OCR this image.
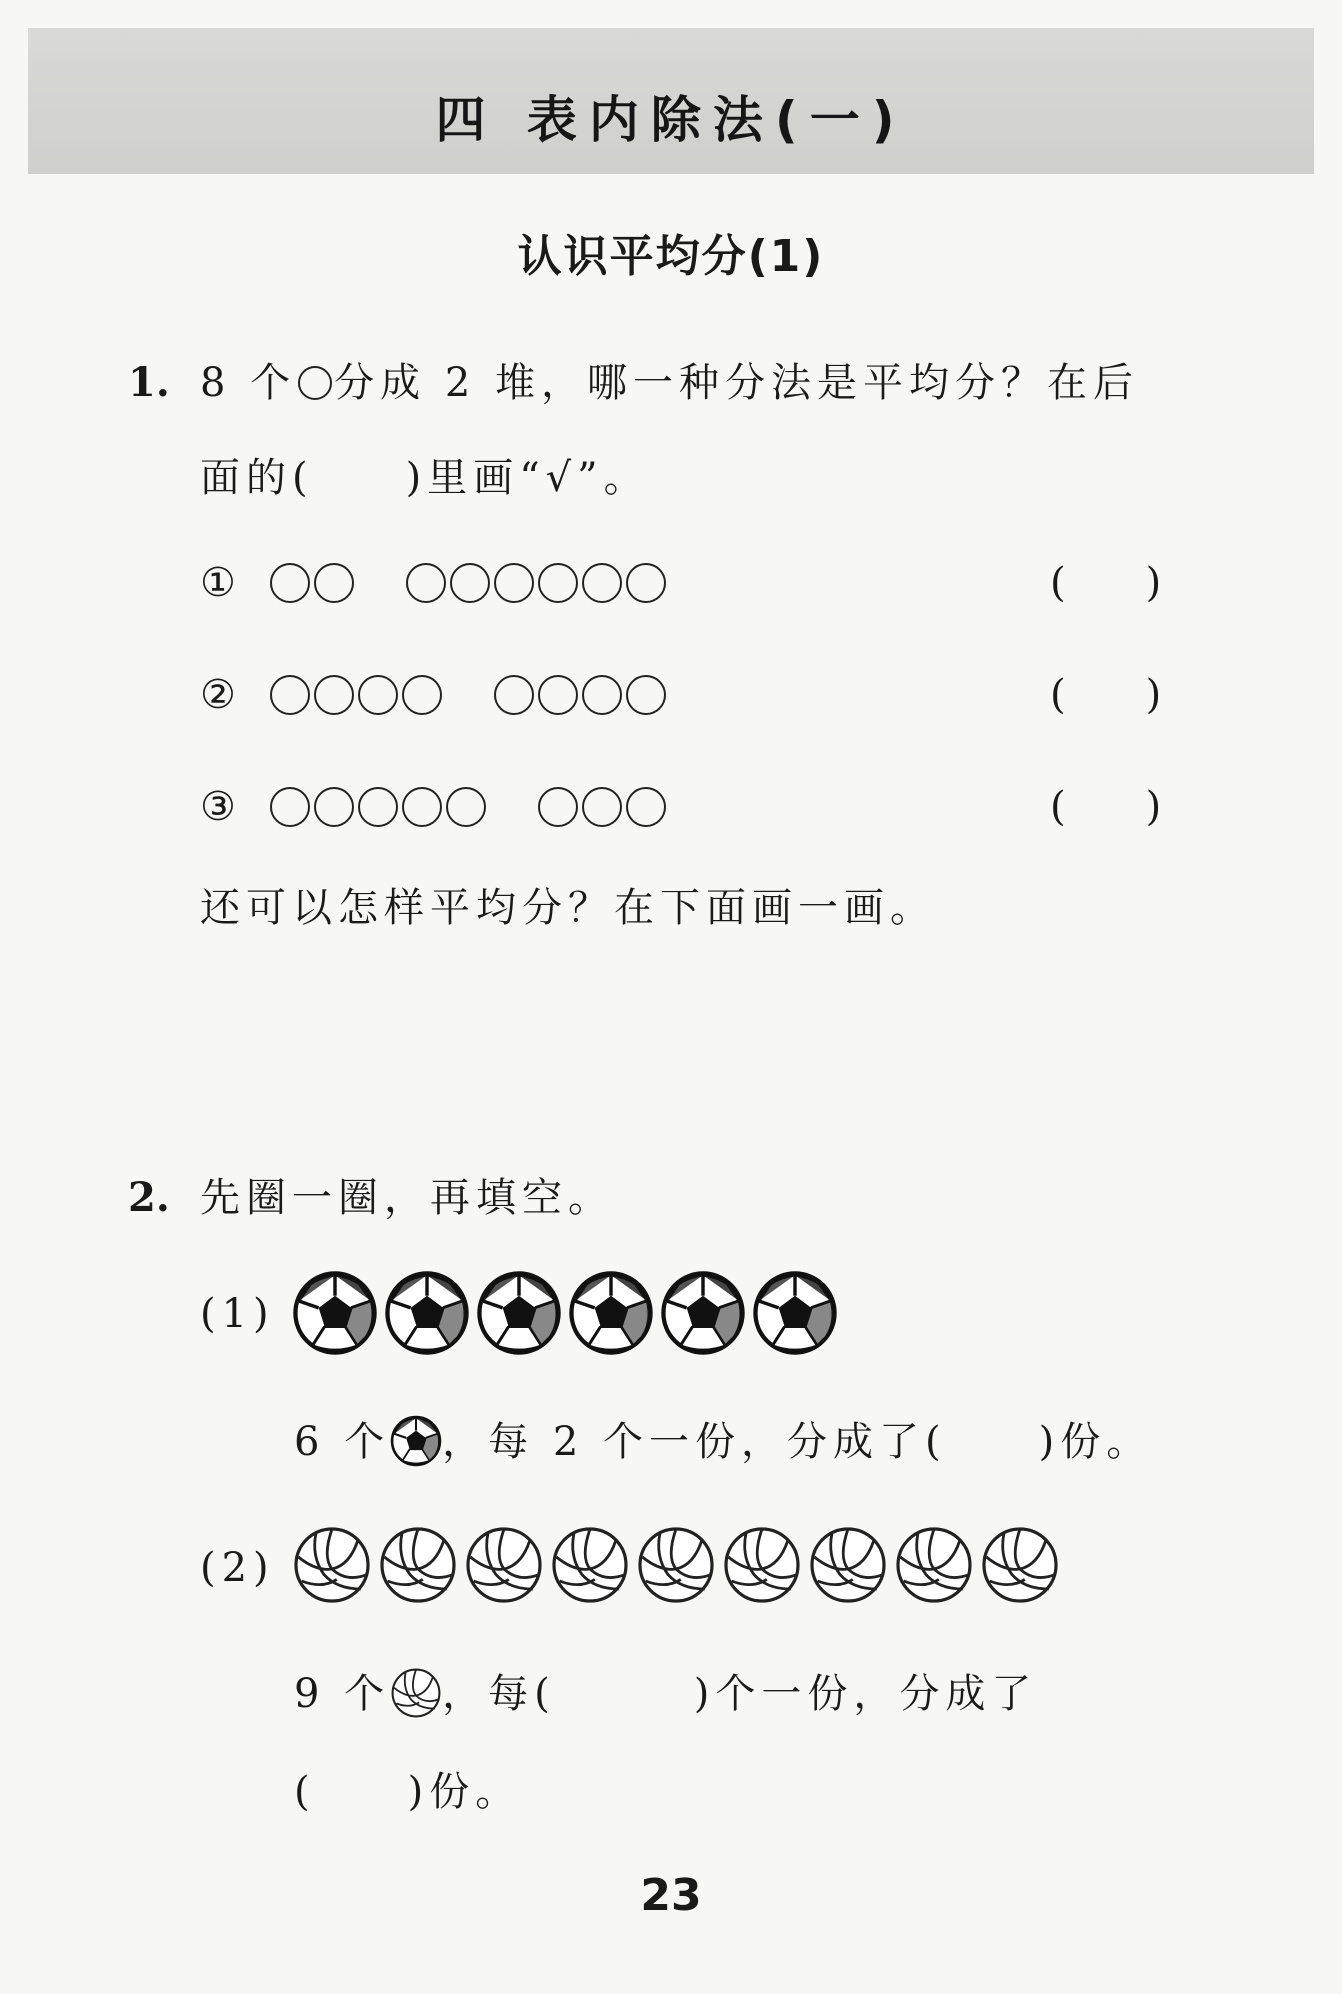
四 表内除法(一)
认识平均分(1)
1. 8 个 分成 2 堆，哪一种分法是平均分？在后
面的(　　)里画“√”。
①	(　　)
②	(　　)
③	(　　)
还可以怎样平均分？在下面画一画。
2. 先圈一圈，再填空。
(1)
6 个 ，每 2 个一份，分成了(　　)份。
(2)
9 个 ，每(　　　)个一份，分成了
(　　)份。
23
